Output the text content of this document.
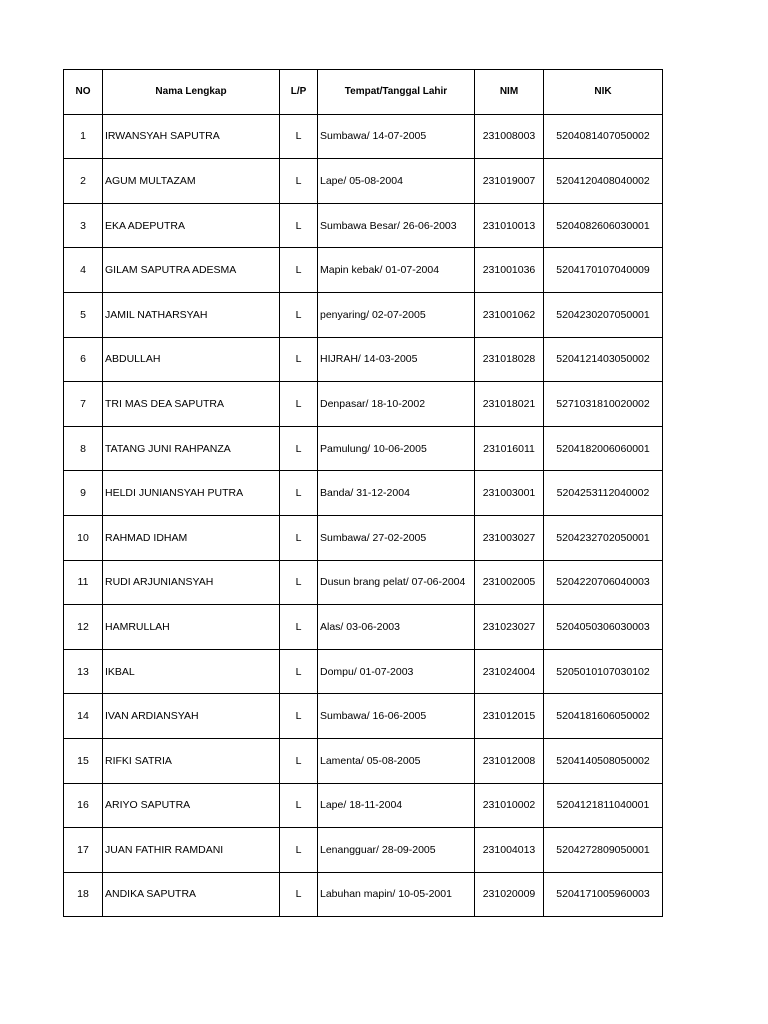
NO	Nama Lengkap	L/P	Tempat/Tanggal Lahir	NIM	NIK
1	IRWANSYAH SAPUTRA	L	Sumbawa/ 14-07-2005	231008003	5204081407050002
2	AGUM MULTAZAM	L	Lape/ 05-08-2004	231019007	5204120408040002
3	EKA ADEPUTRA	L	Sumbawa Besar/ 26-06-2003	231010013	5204082606030001
4	GILAM SAPUTRA ADESMA	L	Mapin kebak/ 01-07-2004	231001036	5204170107040009
5	JAMIL NATHARSYAH	L	penyaring/ 02-07-2005	231001062	5204230207050001
6	ABDULLAH	L	HIJRAH/ 14-03-2005	231018028	5204121403050002
7	TRI MAS DEA SAPUTRA	L	Denpasar/ 18-10-2002	231018021	5271031810020002
8	TATANG JUNI RAHPANZA	L	Pamulung/ 10-06-2005	231016011	5204182006060001
9	HELDI JUNIANSYAH PUTRA	L	Banda/ 31-12-2004	231003001	5204253112040002
10	RAHMAD IDHAM	L	Sumbawa/ 27-02-2005	231003027	5204232702050001
11	RUDI ARJUNIANSYAH	L	Dusun brang pelat/ 07-06-2004	231002005	5204220706040003
12	HAMRULLAH	L	Alas/ 03-06-2003	231023027	5204050306030003
13	IKBAL	L	Dompu/ 01-07-2003	231024004	5205010107030102
14	IVAN ARDIANSYAH	L	Sumbawa/ 16-06-2005	231012015	5204181606050002
15	RIFKI SATRIA	L	Lamenta/ 05-08-2005	231012008	5204140508050002
16	ARIYO SAPUTRA	L	Lape/ 18-11-2004	231010002	5204121811040001
17	JUAN FATHIR RAMDANI	L	Lenangguar/ 28-09-2005	231004013	5204272809050001
18	ANDIKA SAPUTRA	L	Labuhan mapin/ 10-05-2001	231020009	5204171005960003
